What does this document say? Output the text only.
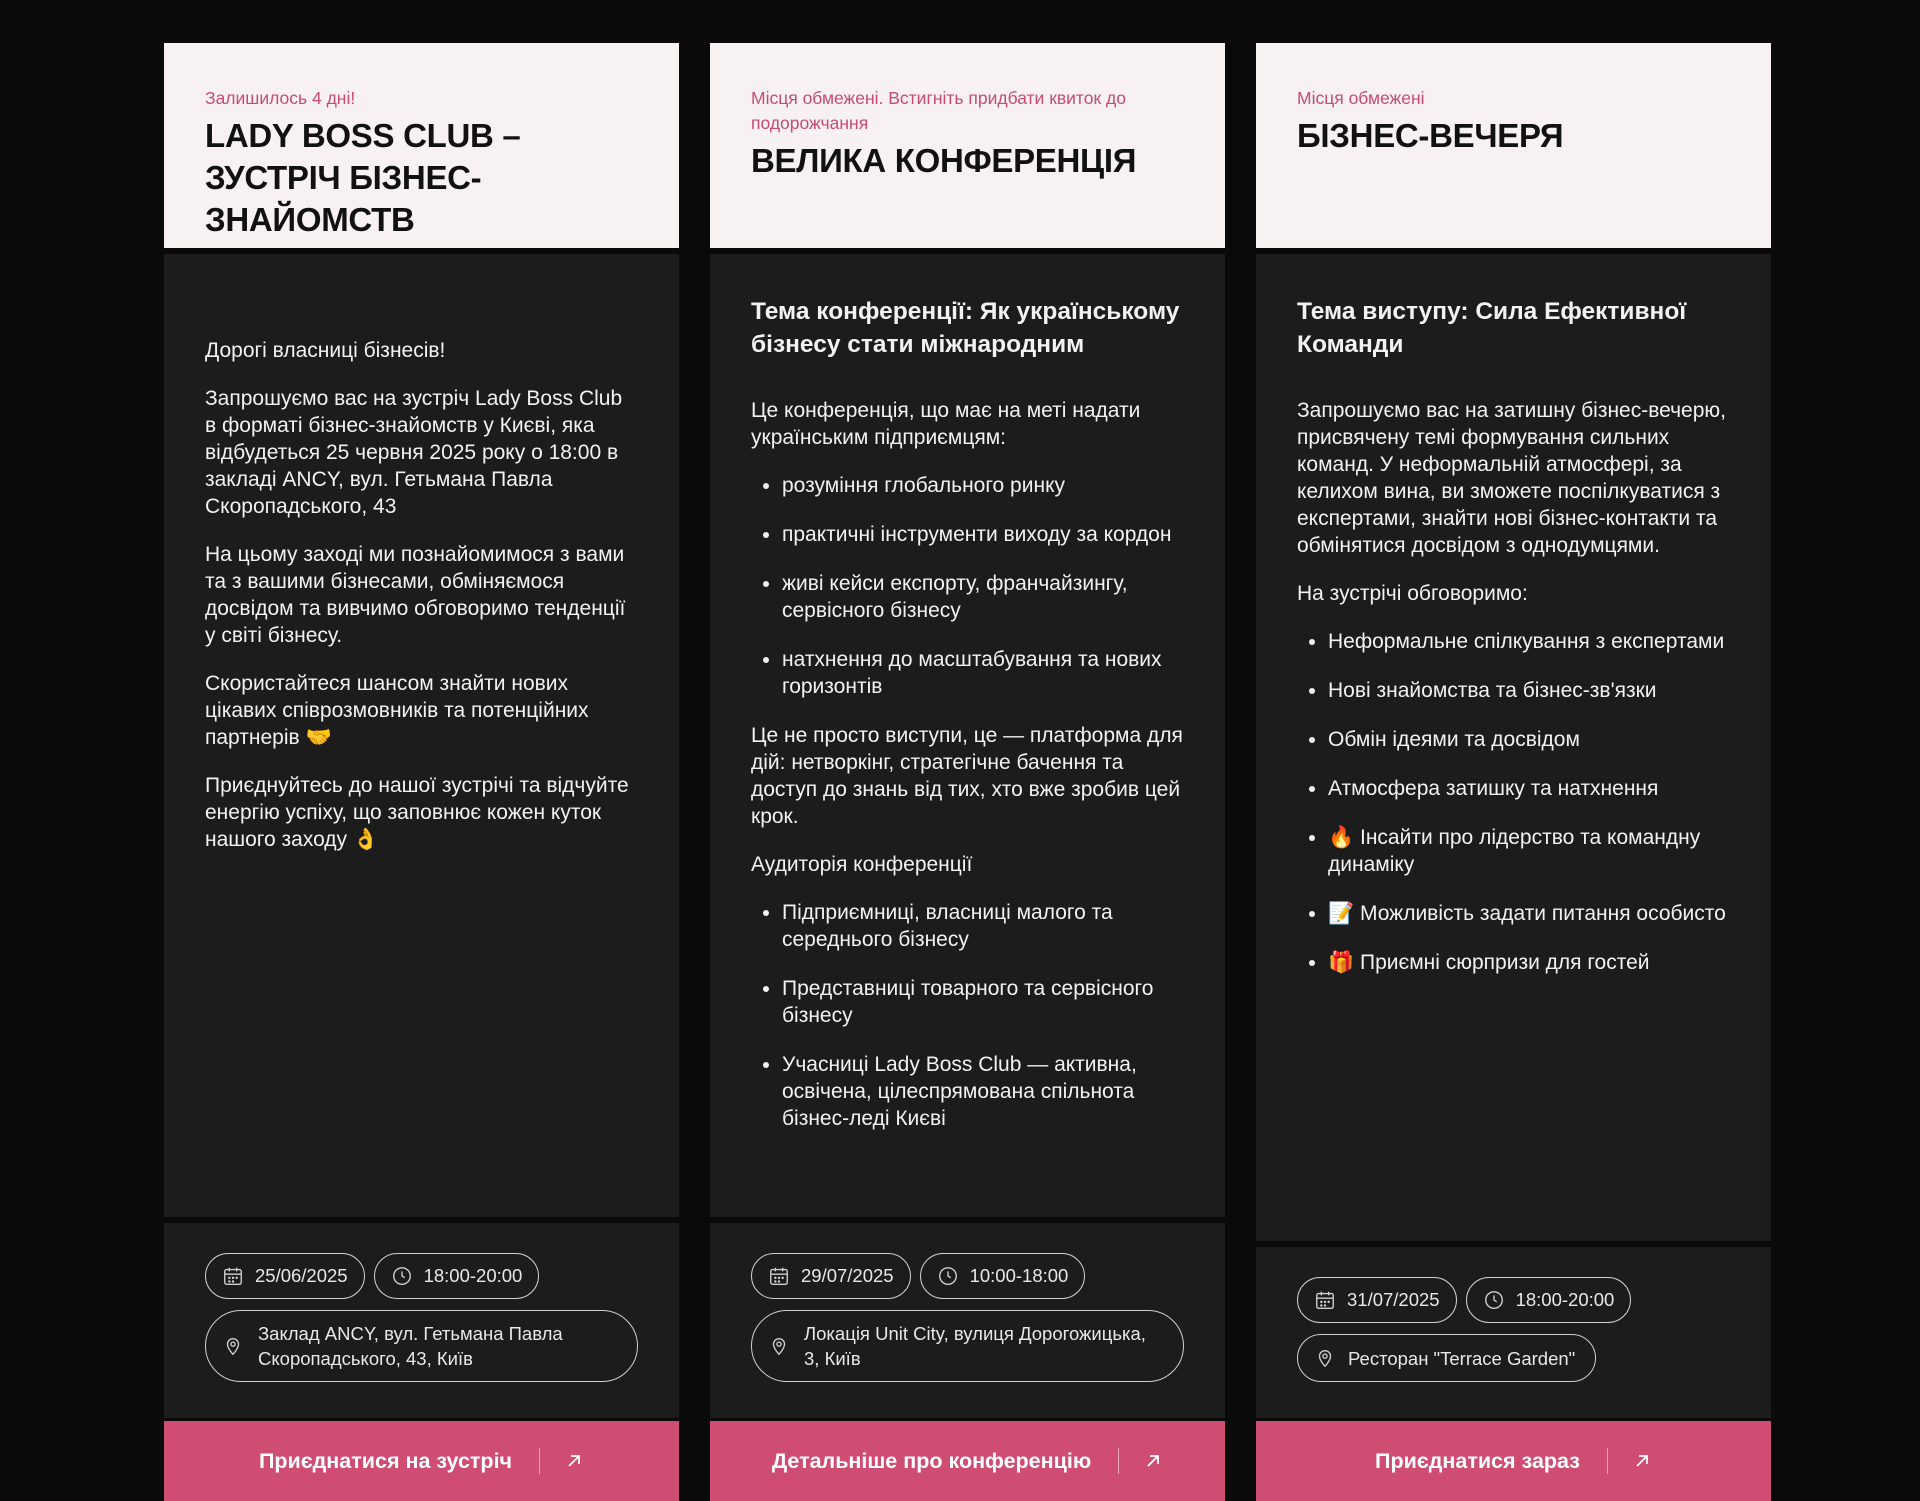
Залишилось 4 дні!
LADY BOSS CLUB – ЗУСТРІЧ БІЗНЕС-ЗНАЙОМСТВ

Дорогі власниці бізнесів!

Запрошуємо вас на зустріч Lady Boss Club в форматі бізнес-знайомств у Києві, яка відбудеться 25 червня 2025 року о 18:00 в закладі ANCY, вул. Гетьмана Павла Скоропадського, 43

На цьому заході ми познайомимося з вами та з вашими бізнесами, обміняємося досвідом та вивчимо обговоримо тенденції у світі бізнесу.

Скористайтеся шансом знайти нових цікавих співрозмовників та потенційних партнерів 🤝

Приєднуйтесь до нашої зустрічі та відчуйте енергію успіху, що заповнює кожен куток нашого заходу 👌

25/06/2025	18:00-20:00
Заклад ANCY, вул. Гетьмана Павла Скоропадського, 43, Київ
Приєднатися на зустріч
Місця обмежені. Встигніть придбати квиток до подорожчання
ВЕЛИКА КОНФЕРЕНЦІЯ
Тема конференції: Як українському бізнесу стати міжнародним

Це конференція, що має на меті надати українським підприємцям:

• розуміння глобального ринку
• практичні інструменти виходу за кордон
• живі кейси експорту, франчайзингу, сервісного бізнесу
• натхнення до масштабування та нових горизонтів

Це не просто виступи, це — платформа для дій: нетворкінг, стратегічне бачення та доступ до знань від тих, хто вже зробив цей крок.

Аудиторія конференції

• Підприємниці, власниці малого та середнього бізнесу
• Представниці товарного та сервісного бізнесу
• Учасниці Lady Boss Club — активна, освічена, цілеспрямована спільнота бізнес-леді Києві
29/07/2025	10:00-18:00
Локація Unit City, вулиця Дорогожицька, 3, Київ
Детальніше про конференцію
Місця обмежені
БІЗНЕС-ВЕЧЕРЯ
Тема виступу: Сила Ефективної Команди

Запрошуємо вас на затишну бізнес-вечерю, присвячену темі формування сильних команд. У неформальній атмосфері, за келихом вина, ви зможете поспілкуватися з експертами, знайти нові бізнес-контакти та обмінятися досвідом з однодумцями.

На зустрічі обговоримо:

• Неформальне спілкування з експертами
• Нові знайомства та бізнес-зв'язки
• Обмін ідеями та досвідом
• Атмосфера затишку та натхнення
• 🔥 Інсайти про лідерство та командну динаміку
• 📝 Можливість задати питання особисто
• 🎁 Приємні сюрпризи для гостей
31/07/2025	18:00-20:00
Ресторан "Terrace Garden"
Приєднатися зараз
